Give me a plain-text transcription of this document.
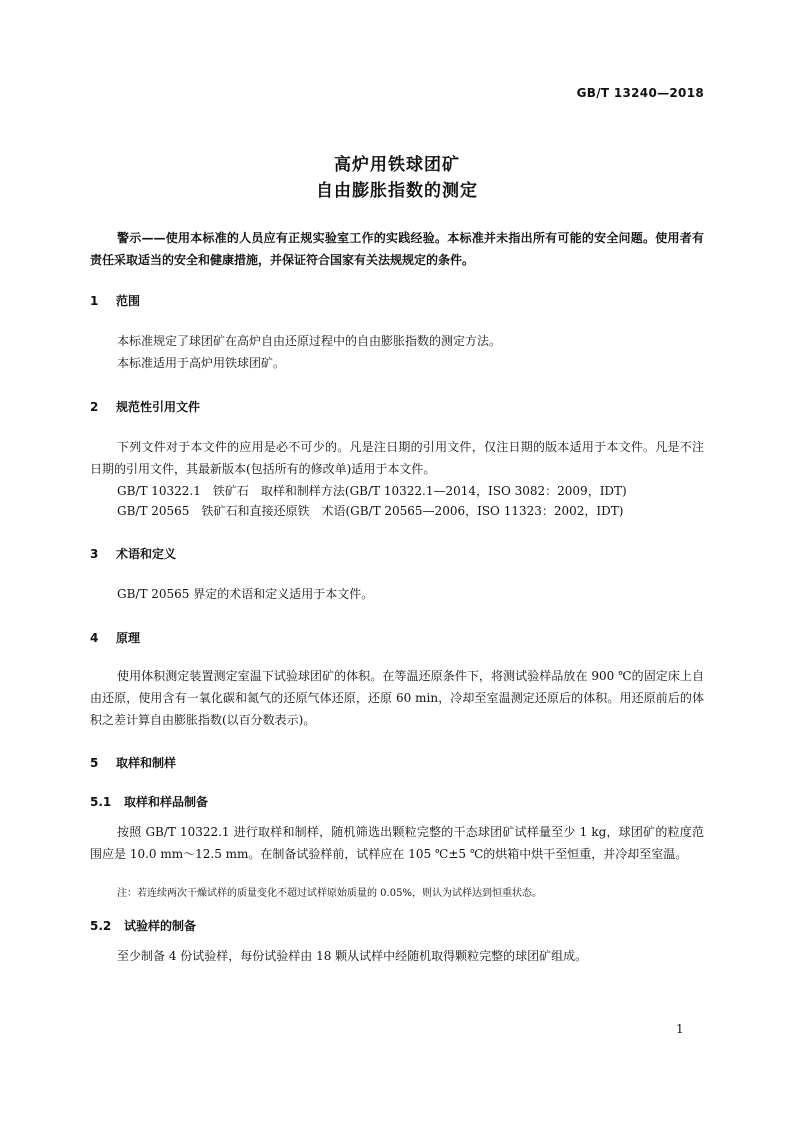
GB/T 13240—2018
高炉用铁球团矿
自由膨胀指数的测定
警示——使用本标准的人员应有正规实验室工作的实践经验。本标准并未指出所有可能的安全问题。使用者有责任采取适当的安全和健康措施，并保证符合国家有关法规规定的条件。
1 范围
本标准规定了球团矿在高炉自由还原过程中的自由膨胀指数的测定方法。
本标准适用于高炉用铁球团矿。
2 规范性引用文件
下列文件对于本文件的应用是必不可少的。凡是注日期的引用文件，仅注日期的版本适用于本文件。凡是不注日期的引用文件，其最新版本(包括所有的修改单)适用于本文件。
GB/T 10322.1　铁矿石　取样和制样方法(GB/T 10322.1—2014，ISO 3082：2009，IDT)
GB/T 20565　铁矿石和直接还原铁　术语(GB/T 20565—2006，ISO 11323：2002，IDT)
3 术语和定义
GB/T 20565 界定的术语和定义适用于本文件。
4 原理
使用体积测定装置测定室温下试验球团矿的体积。在等温还原条件下，将测试验样品放在 900 ℃的固定床上自由还原，使用含有一氧化碳和氮气的还原气体还原，还原 60 min，冷却至室温测定还原后的体积。用还原前后的体积之差计算自由膨胀指数(以百分数表示)。
5 取样和制样
5.1 取样和样品制备
按照 GB/T 10322.1 进行取样和制样，随机筛选出颗粒完整的干态球团矿试样量至少 1 kg，球团矿的粒度范围应是 10.0 mm～12.5 mm。在制备试验样前，试样应在 105 ℃±5 ℃的烘箱中烘干至恒重，并冷却至室温。
注：若连续两次干燥试样的质量变化不超过试样原始质量的 0.05%，则认为试样达到恒重状态。
5.2 试验样的制备
至少制备 4 份试验样，每份试验样由 18 颗从试样中经随机取得颗粒完整的球团矿组成。
1
